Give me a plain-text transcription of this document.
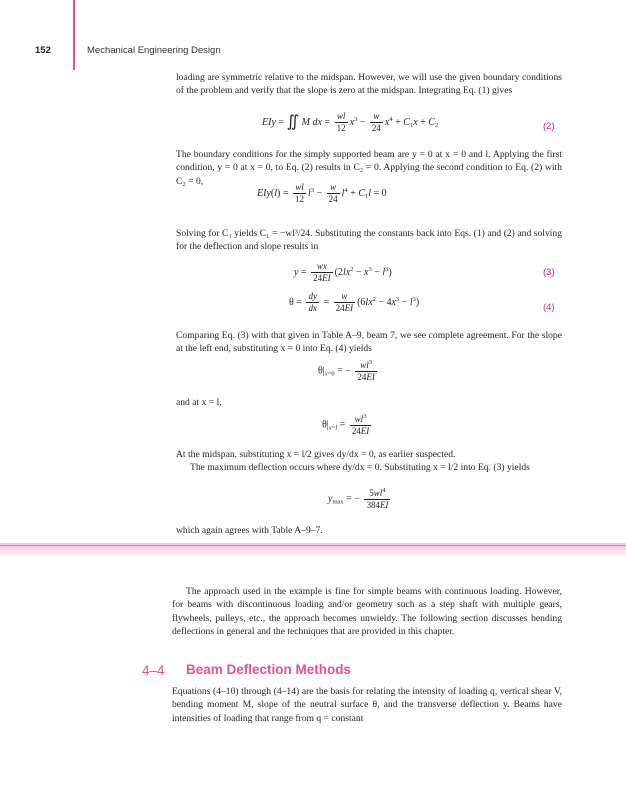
152	Mechanical Engineering Design
loading are symmetric relative to the midspan. However, we will use the given boundary conditions of the problem and verify that the slope is zero at the midspan. Integrating Eq. (1) gives
EIy = ∬ M dx = $\frac{wl}{12} x^3 - \frac{w}{24} x^4 + C_1x + C_2$	(2)
The boundary conditions for the simply supported beam are y = 0 at x = 0 and l. Applying the first condition, y = 0 at x = 0, to Eq. (2) results in C₂ = 0. Applying the second condition to Eq. (2) with C₂ = 0,
$EIy(l) = \frac{wl}{12} l^3 - \frac{w}{24} l^4 + C_1l = 0$
Solving for C₁ yields C₁ = −wl³/24. Substituting the constants back into Eqs. (1) and (2) and solving for the deflection and slope results in
$y = \frac{wx}{24EI} (2lx^2 - x^3 - l^3)$	(3)
$\theta = \frac{dy}{dx} = \frac{w}{24EI} (6lx^2 - 4x^3 - l^3)$	(4)
Comparing Eq. (3) with that given in Table A–9, beam 7, we see complete agreement. For the slope at the left end, substituting x = 0 into Eq. (4) yields
$\theta|_{x=0}$ = − $\frac{wl^3}{24EI}$
and at x = l,
$\theta|_{x=l} = \frac{wl^3}{24EI}$
At the midspan, substituting x = l/2 gives dy/dx = 0, as earlier suspected.
The maximum deflection occurs where dy/dx = 0. Substituting x = l/2 into Eq. (3) yields
$y_{max}$ = − $\frac{5wl^4}{384EI}$
which again agrees with Table A–9–7.
The approach used in the example is fine for simple beams with continuous loading. However, for beams with discontinuous loading and/or geometry such as a step shaft with multiple gears, flywheels, pulleys, etc., the approach becomes unwieldy. The following section discusses bending deflections in general and the techniques that are provided in this chapter.
4–4 Beam Deflection Methods
Equations (4–10) through (4–14) are the basis for relating the intensity of loading q, vertical shear V, bending moment M, slope of the neutral surface θ, and the transverse deflection y. Beams have intensities of loading that range from q = constant
